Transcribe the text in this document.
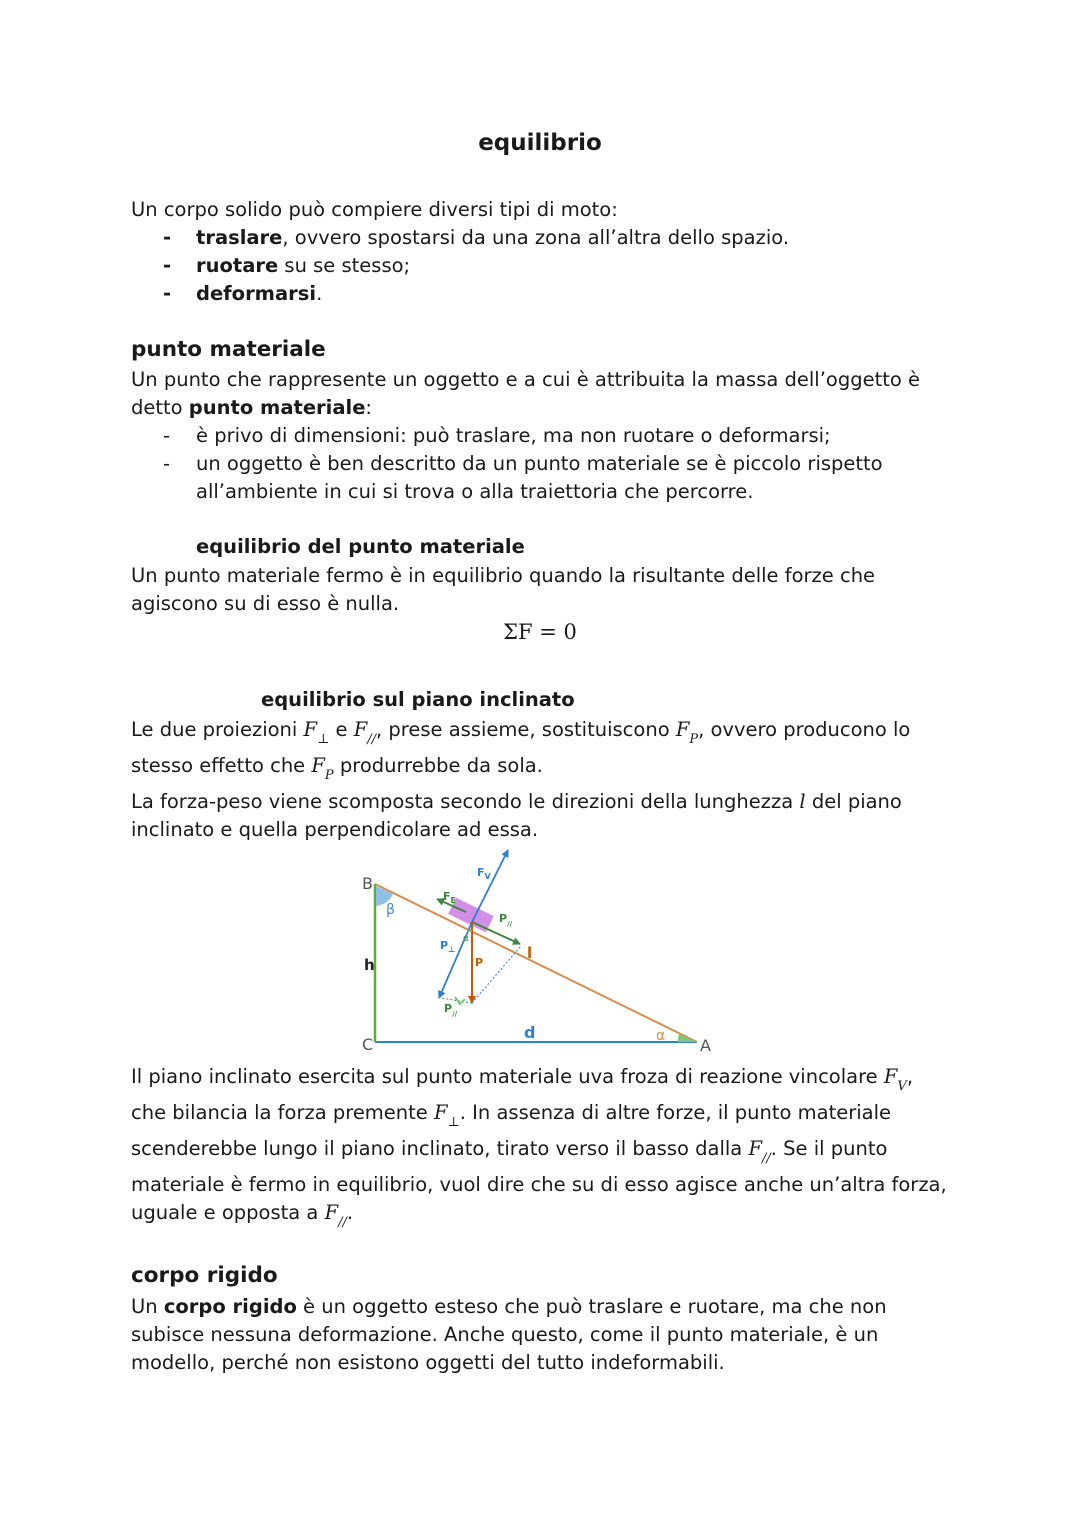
equilibrio

Un corpo solido può compiere diversi tipi di moto:

- traslare, ovvero spostarsi da una zona all’altra dello spazio.

- ruotare su se stesso;

- deformarsi.

punto materiale

Un punto che rappresente un oggetto e a cui è attribuita la massa dell’oggetto è

detto punto materiale:

- è privo di dimensioni: può traslare, ma non ruotare o deformarsi;

- un oggetto è ben descritto da un punto materiale se è piccolo rispetto

all’ambiente in cui si trova o alla traiettoria che percorre.

equilibrio del punto materiale

Un punto materiale fermo è in equilibrio quando la risultante delle forze che

agiscono su di esso è nulla.

ΣF = 0
equilibrio sul piano inclinato

Le due proiezioni $F_\perp$ e $F_{//}$, prese assieme, sostituiscono $F_P$, ovvero producono lo

stesso effetto che $F_P$ produrrebbe da sola.

La forza-peso viene scomposta secondo le direzioni della lunghezza l del piano

inclinato e quella perpendicolare ad essa.

B
C	A
h
d
l
β
α
α
$F_V$
$F_E$
$P_{//}$
$P_\perp$
P
$P_{//}$

Il piano inclinato esercita sul punto materiale uva froza di reazione vincolare $F_V$,

che bilancia la forza premente $F_\perp$. In assenza di altre forze, il punto materiale

scenderebbe lungo il piano inclinato, tirato verso il basso dalla $F_{//}$. Se il punto

materiale è fermo in equilibrio, vuol dire che su di esso agisce anche un’altra forza,

uguale e opposta a $F_{//}$.

corpo rigido

Un corpo rigido è un oggetto esteso che può traslare e ruotare, ma che non

subisce nessuna deformazione. Anche questo, come il punto materiale, è un

modello, perché non esistono oggetti del tutto indeformabili.
